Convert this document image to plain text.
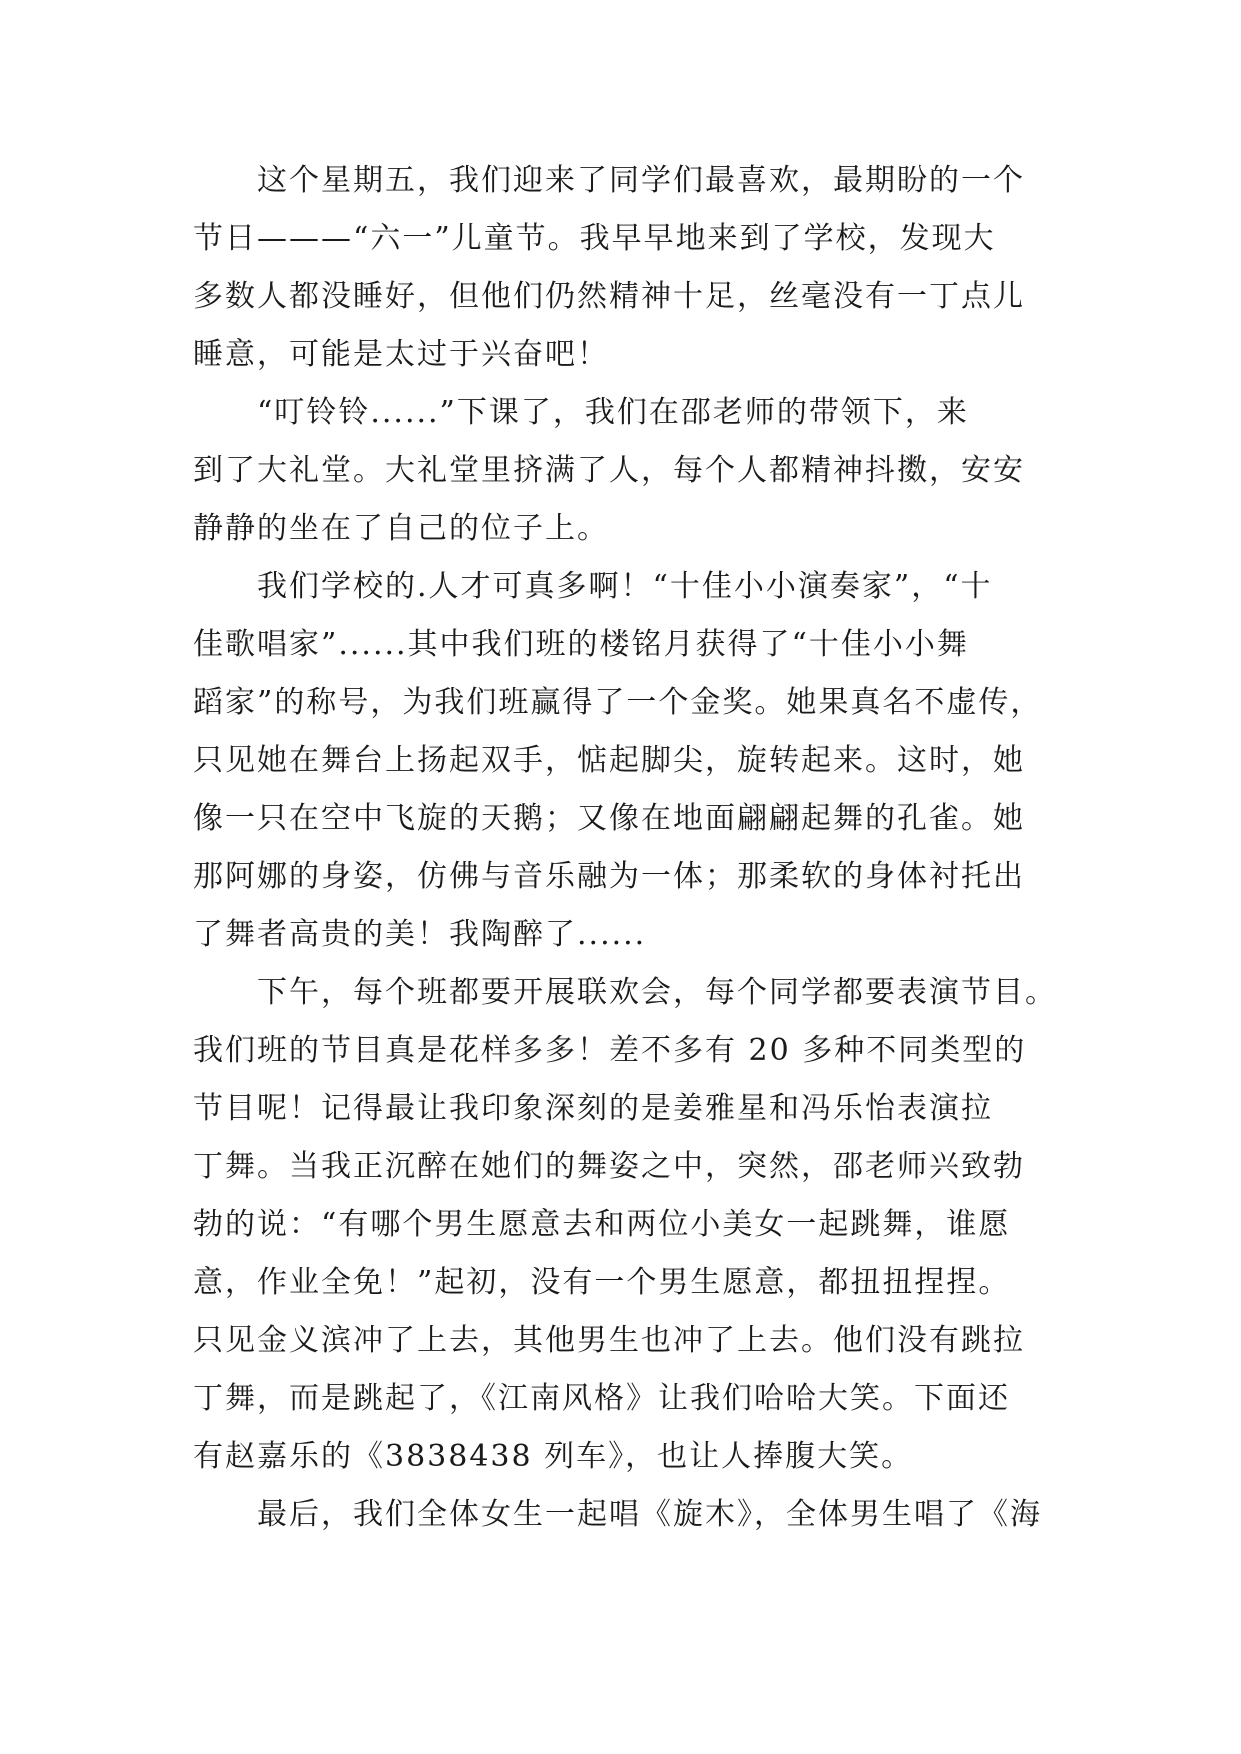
这个星期五，我们迎来了同学们最喜欢，最期盼的一个
节日———“六一”儿童节。我早早地来到了学校，发现大
多数人都没睡好，但他们仍然精神十足，丝毫没有一丁点儿
睡意，可能是太过于兴奋吧！
“叮铃铃......”下课了，我们在邵老师的带领下，来
到了大礼堂。大礼堂里挤满了人，每个人都精神抖擞，安安
静静的坐在了自己的位子上。
我们学校的.人才可真多啊！“十佳小小演奏家”，“十
佳歌唱家”......其中我们班的楼铭月获得了“十佳小小舞
蹈家”的称号，为我们班赢得了一个金奖。她果真名不虚传，
只见她在舞台上扬起双手，惦起脚尖，旋转起来。这时，她
像一只在空中飞旋的天鹅；又像在地面翩翩起舞的孔雀。她
那阿娜的身姿，仿佛与音乐融为一体；那柔软的身体衬托出
了舞者高贵的美！我陶醉了......
下午，每个班都要开展联欢会，每个同学都要表演节目。
我们班的节目真是花样多多！差不多有 20 多种不同类型的
节目呢！记得最让我印象深刻的是姜雅星和冯乐怡表演拉
丁舞。当我正沉醉在她们的舞姿之中，突然，邵老师兴致勃
勃的说：“有哪个男生愿意去和两位小美女一起跳舞，谁愿
意，作业全免！”起初，没有一个男生愿意，都扭扭捏捏。
只见金义滨冲了上去，其他男生也冲了上去。他们没有跳拉
丁舞，而是跳起了，《江南风格》让我们哈哈大笑。下面还
有赵嘉乐的《3838438 列车》，也让人捧腹大笑。
最后，我们全体女生一起唱《旋木》，全体男生唱了《海
